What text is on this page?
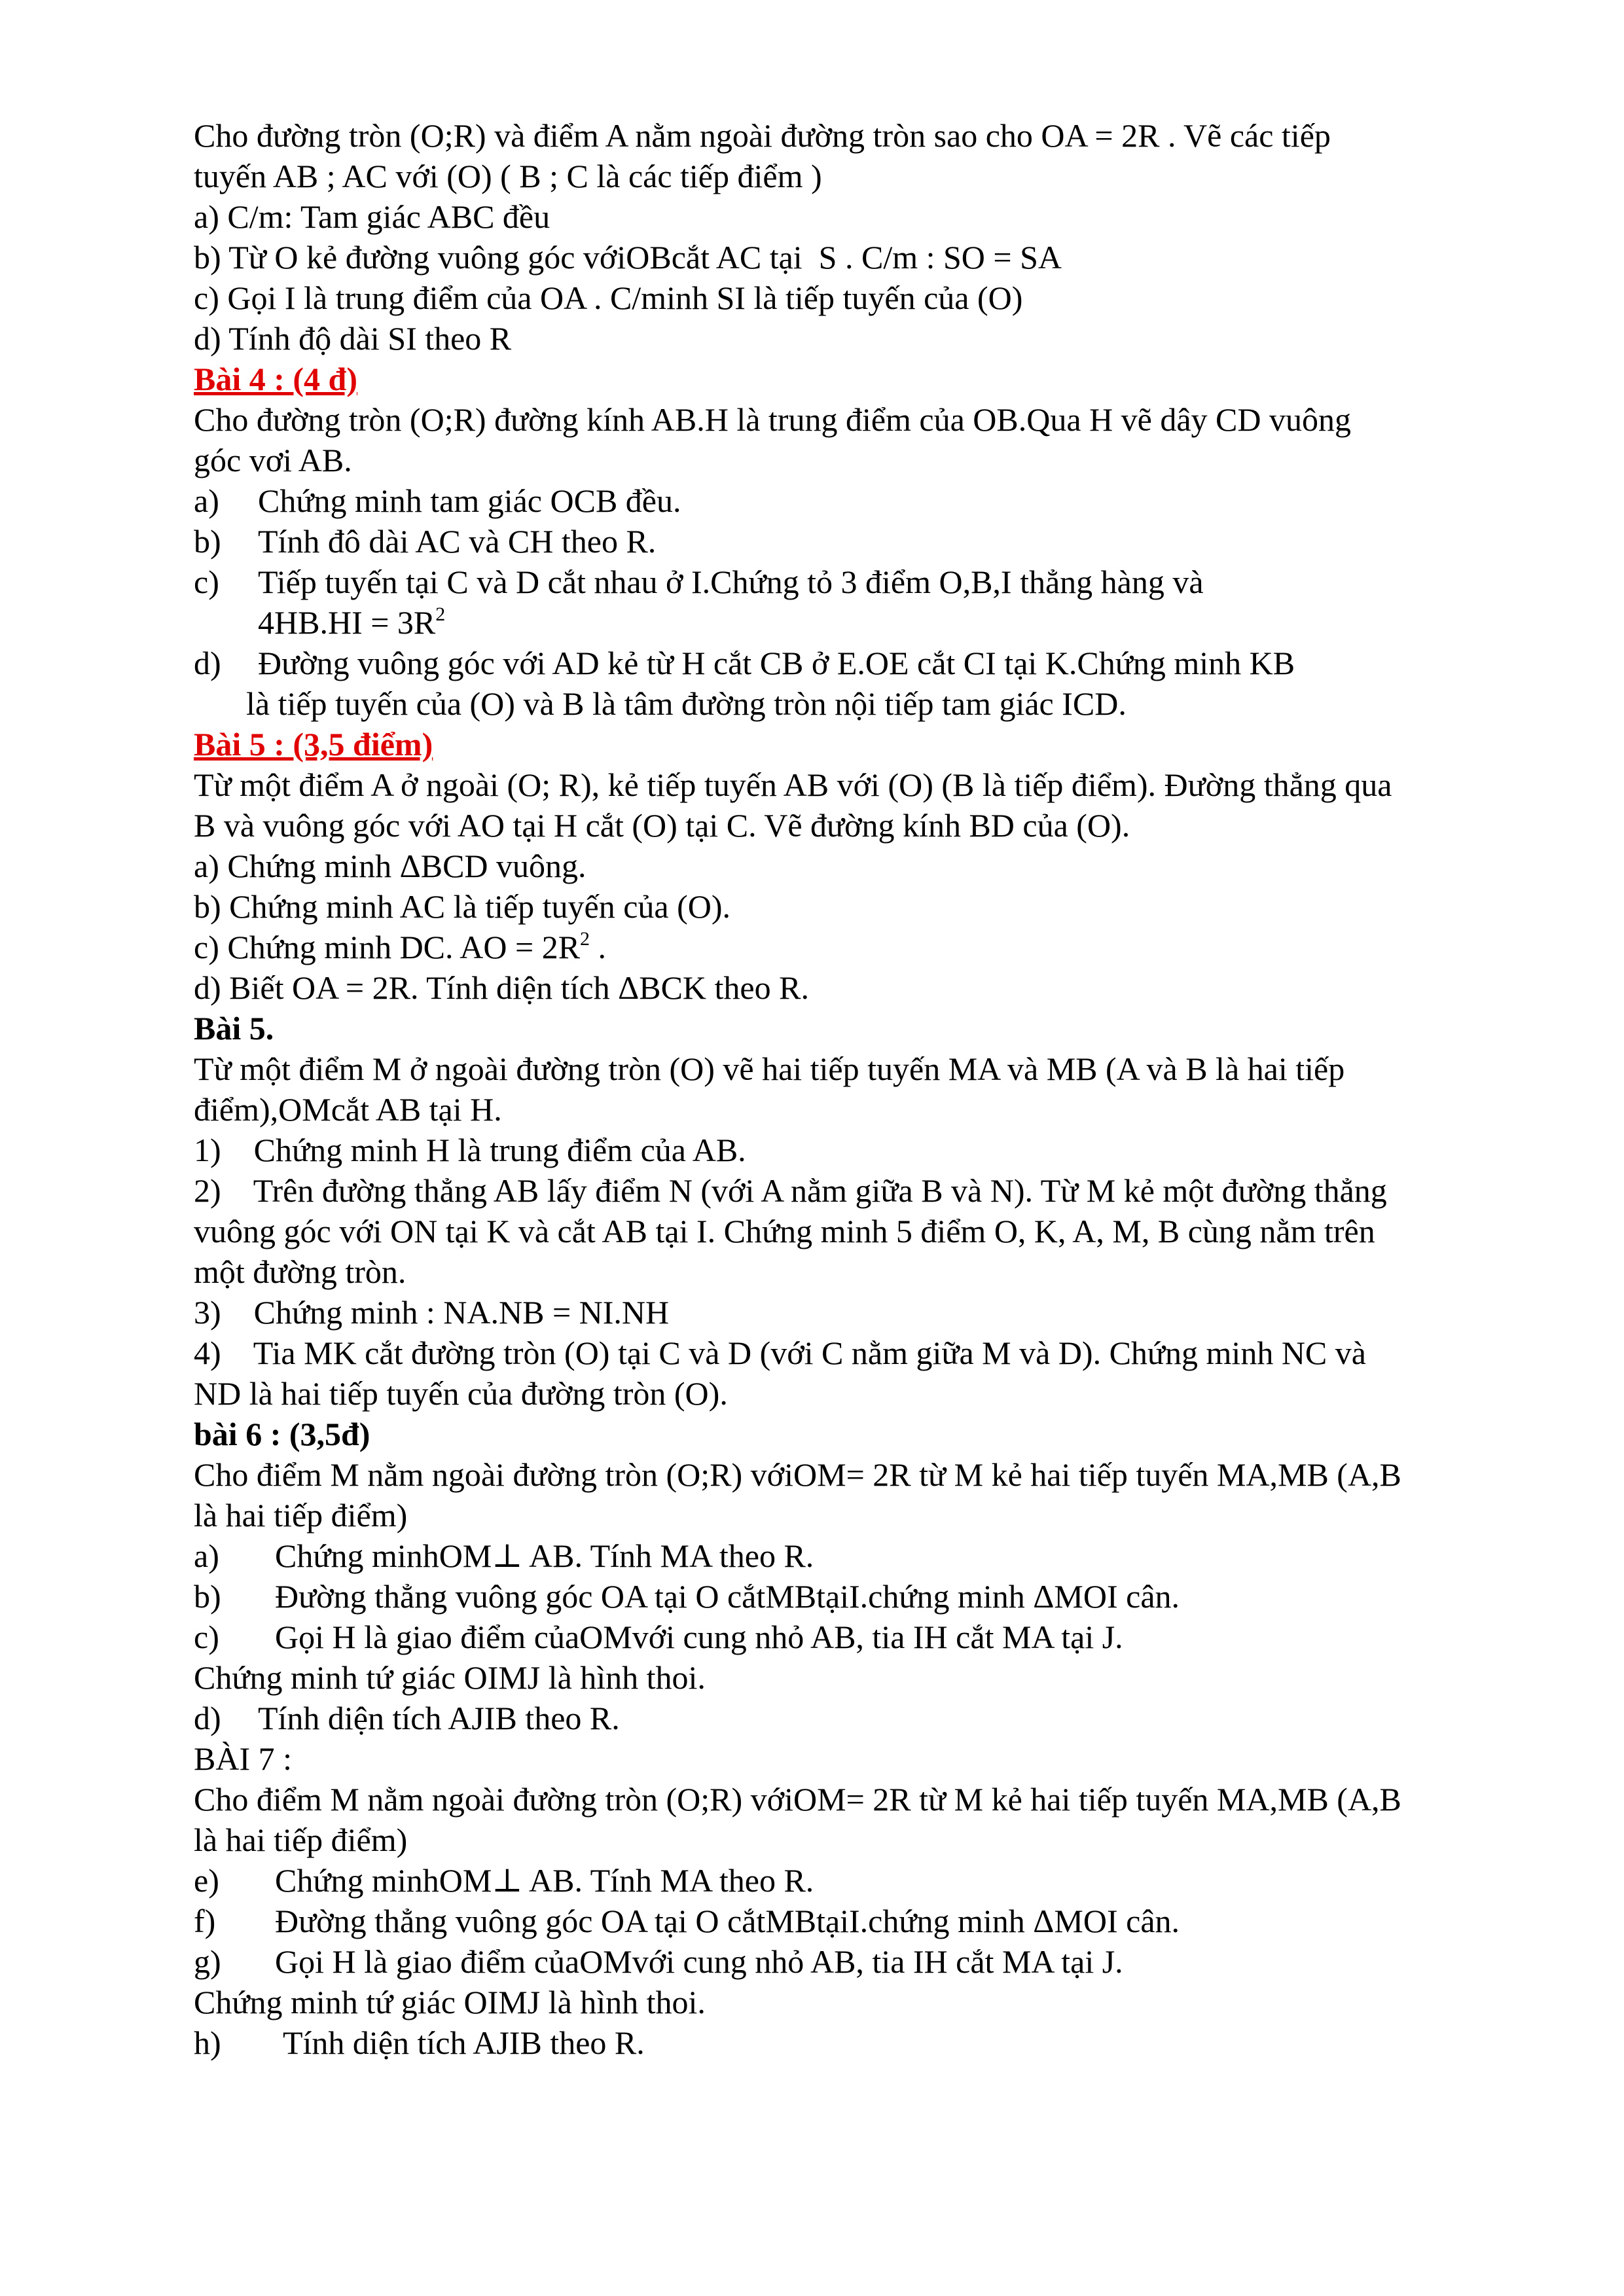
Cho đường tròn (O;R) và điểm A nằm ngoài đường tròn sao cho OA = 2R . Vẽ các tiếp
tuyến AB ; AC với (O) ( B ; C là các tiếp điểm )
a) C/m: Tam giác ABC đều
b) Từ O kẻ đường vuông góc vớiOBcắt AC tại  S . C/m : SO = SA
c) Gọi I là trung điểm của OA . C/minh SI là tiếp tuyến của (O)
d) Tính độ dài SI theo R
Bài 4 : (4 đ)
Cho đường tròn (O;R) đường kính AB.H là trung điểm của OB.Qua H vẽ dây CD vuông
góc vơi AB.
a) Chứng minh tam giác OCB đều.
b) Tính đô dài AC và CH theo R.
c) Tiếp tuyến tại C và D cắt nhau ở I.Chứng tỏ 3 điểm O,B,I thẳng hàng và
$4HB.HI = 3R^2$
d) Đường vuông góc với AD kẻ từ H cắt CB ở E.OE cắt CI tại K.Chứng minh KB
là tiếp tuyến của (O) và B là tâm đường tròn nội tiếp tam giác ICD.
Bài 5 : (3,5 điểm)
Từ một điểm A ở ngoài (O; R), kẻ tiếp tuyến AB với (O) (B là tiếp điểm). Đường thẳng qua
B và vuông góc với AO tại H cắt (O) tại C. Vẽ đường kính BD của (O).
a) Chứng minh ΔBCD vuông.
b) Chứng minh AC là tiếp tuyến của (O).
c) Chứng minh DC. AO = $2R^2$ .
d) Biết OA = 2R. Tính diện tích ΔBCK theo R.
Bài 5.
Từ một điểm M ở ngoài đường tròn (O) vẽ hai tiếp tuyến MA và MB (A và B là hai tiếp
điểm),OMcắt AB tại H.
1)    Chứng minh H là trung điểm của AB.
2)    Trên đường thẳng AB lấy điểm N (với A nằm giữa B và N). Từ M kẻ một đường thẳng
vuông góc với ON tại K và cắt AB tại I. Chứng minh 5 điểm O, K, A, M, B cùng nằm trên
một đường tròn.
3)    Chứng minh : NA.NB = NI.NH
4)    Tia MK cắt đường tròn (O) tại C và D (với C nằm giữa M và D). Chứng minh NC và
ND là hai tiếp tuyến của đường tròn (O).
bài 6 : (3,5đ)
Cho điểm M nằm ngoài đường tròn (O;R) vớiOM= 2R từ M kẻ hai tiếp tuyến MA,MB (A,B
là hai tiếp điểm)
a) Chứng minhOM⊥ AB. Tính MA theo R.
b) Đường thẳng vuông góc OA tại O cắtMBtạiI.chứng minh ΔMOI cân.
c) Gọi H là giao điểm củaOMvới cung nhỏ AB, tia IH cắt MA tại J.
Chứng minh tứ giác OIMJ là hình thoi.
d) Tính diện tích AJIB theo R.
BÀI 7 :
Cho điểm M nằm ngoài đường tròn (O;R) vớiOM= 2R từ M kẻ hai tiếp tuyến MA,MB (A,B
là hai tiếp điểm)
e) Chứng minhOM⊥ AB. Tính MA theo R.
f) Đường thẳng vuông góc OA tại O cắtMBtạiI.chứng minh ΔMOI cân.
g) Gọi H là giao điểm củaOMvới cung nhỏ AB, tia IH cắt MA tại J.
Chứng minh tứ giác OIMJ là hình thoi.
h) Tính diện tích AJIB theo R.
